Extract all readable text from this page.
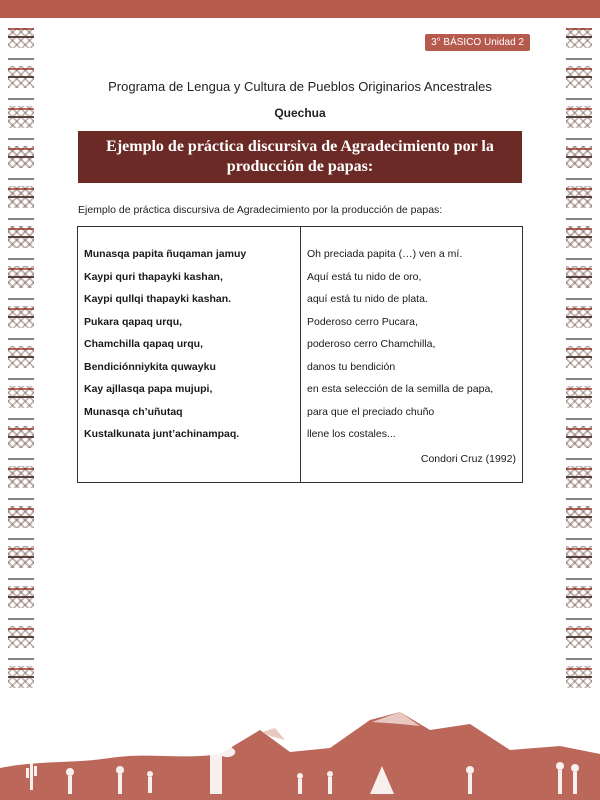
3° BÁSICO Unidad 2
Programa de Lengua y Cultura de Pueblos Originarios Ancestrales
Quechua
Ejemplo de práctica discursiva de Agradecimiento por la producción de papas:
Ejemplo de práctica discursiva de Agradecimiento por la producción de papas:
Munasqa papita ñuqaman jamuy
Kaypi quri thapayki kashan,
Kaypi qullqi thapayki kashan.
Pukara qapaq urqu,
Chamchilla qapaq urqu,
Bendiciónniykita quwayku
Kay ajllasqa papa mujupi,
Munasqa ch’uñutaq
Kustalkunata junt’achinampaq.
Oh preciada papita (…) ven a mí.
Aquí está tu nido de oro,
aquí está tu nido de plata.
Poderoso cerro Pucara,
poderoso cerro Chamchilla,
danos tu bendición
en esta selección de la semilla de papa,
para que el preciado chuño
llene los costales...
Condori Cruz (1992)
